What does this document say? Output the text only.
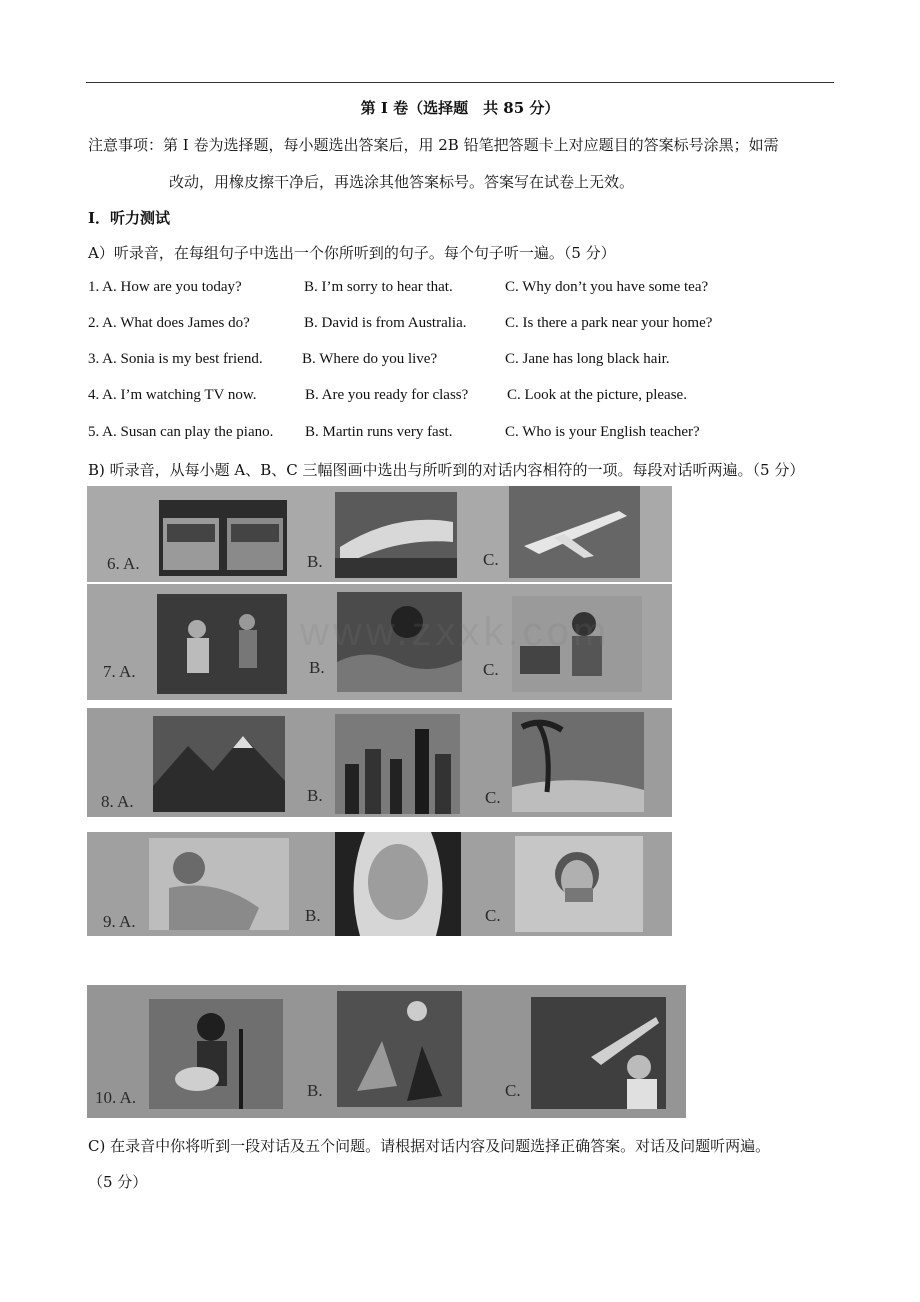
第 I 卷（选择题　共 85 分）
注意事项：第 I 卷为选择题，每小题选出答案后，用 2B 铅笔把答题卡上对应题目的答案标号涂黑；如需
改动，用橡皮擦干净后，再选涂其他答案标号。答案写在试卷上无效。
I．听力测试
A）听录音，在每组句子中选出一个你所听到的句子。每个句子听一遍。（5 分）
1. A. How are you today?	B. I’m sorry to hear that.	C. Why don’t you have some tea?
2. A. What does James do?	B. David is from Australia.	C. Is there a park near your home?
3. A. Sonia is my best friend.	B. Where do you live?	C. Jane has long black hair.
4. A. I’m watching TV now.	B. Are you ready for class?	C. Look at the picture, please.
5. A. Susan can play the piano. B. Martin runs very fast.	C. Who is your English teacher?
B) 听录音，从每小题 A、B、C 三幅图画中选出与所听到的对话内容相符的一项。每段对话听两遍。（5 分）
6. A.	B.	C.
7. A.	B.	C.
8. A.	B.	C.
9. A.	B.	C.
10. A.	B.	C.
www.zxxk.com
C) 在录音中你将听到一段对话及五个问题。请根据对话内容及问题选择正确答案。对话及问题听两遍。
（5 分）
